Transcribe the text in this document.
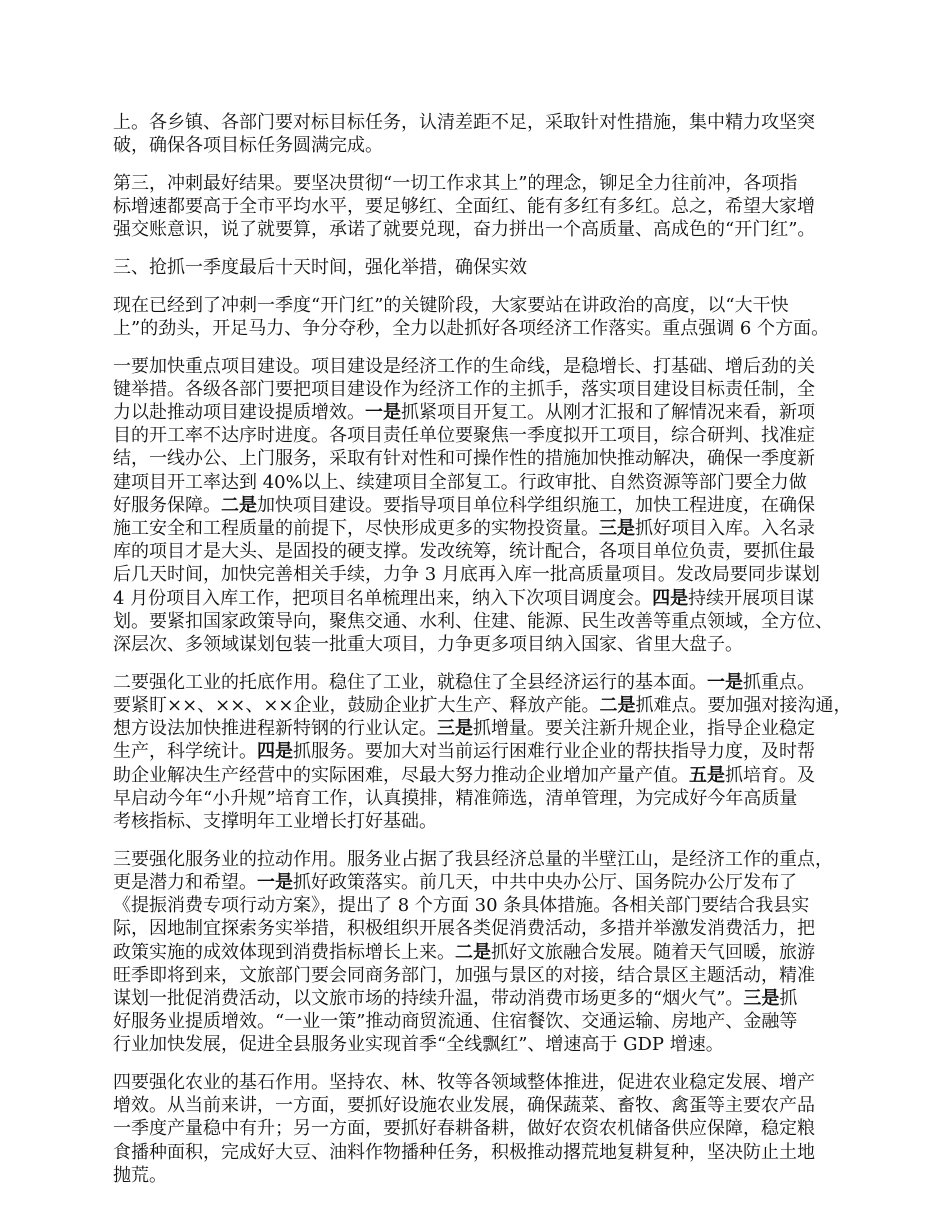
上。各乡镇、各部门要对标目标任务，认清差距不足，采取针对性措施，集中精力攻坚突
破，确保各项目标任务圆满完成。

第三，冲刺最好结果。要坚决贯彻“一切工作求其上”的理念，铆足全力往前冲，各项指
标增速都要高于全市平均水平，要足够红、全面红、能有多红有多红。总之，希望大家增
强交账意识，说了就要算，承诺了就要兑现，奋力拼出一个高质量、高成色的“开门红”。

三、抢抓一季度最后十天时间，强化举措，确保实效

现在已经到了冲刺一季度“开门红”的关键阶段，大家要站在讲政治的高度，以“大干快
上”的劲头，开足马力、争分夺秒，全力以赴抓好各项经济工作落实。重点强调 6 个方面。

一要加快重点项目建设。项目建设是经济工作的生命线，是稳增长、打基础、增后劲的关
键举措。各级各部门要把项目建设作为经济工作的主抓手，落实项目建设目标责任制，全
力以赴推动项目建设提质增效。一是抓紧项目开复工。从刚才汇报和了解情况来看，新项
目的开工率不达序时进度。各项目责任单位要聚焦一季度拟开工项目，综合研判、找准症
结，一线办公、上门服务，采取有针对性和可操作性的措施加快推动解决，确保一季度新
建项目开工率达到 40%以上、续建项目全部复工。行政审批、自然资源等部门要全力做
好服务保障。二是加快项目建设。要指导项目单位科学组织施工，加快工程进度，在确保
施工安全和工程质量的前提下，尽快形成更多的实物投资量。三是抓好项目入库。入名录
库的项目才是大头、是固投的硬支撑。发改统筹，统计配合，各项目单位负责，要抓住最
后几天时间，加快完善相关手续，力争 3 月底再入库一批高质量项目。发改局要同步谋划
4 月份项目入库工作，把项目名单梳理出来，纳入下次项目调度会。四是持续开展项目谋
划。要紧扣国家政策导向，聚焦交通、水利、住建、能源、民生改善等重点领域，全方位、
深层次、多领域谋划包装一批重大项目，力争更多项目纳入国家、省里大盘子。

二要强化工业的托底作用。稳住了工业，就稳住了全县经济运行的基本面。一是抓重点。
要紧盯××、××、××企业，鼓励企业扩大生产、释放产能。二是抓难点。要加强对接沟通，
想方设法加快推进程新特钢的行业认定。三是抓增量。要关注新升规企业，指导企业稳定
生产，科学统计。四是抓服务。要加大对当前运行困难行业企业的帮扶指导力度，及时帮
助企业解决生产经营中的实际困难，尽最大努力推动企业增加产量产值。五是抓培育。及
早启动今年“小升规”培育工作，认真摸排，精准筛选，清单管理，为完成好今年高质量
考核指标、支撑明年工业增长打好基础。

三要强化服务业的拉动作用。服务业占据了我县经济总量的半壁江山，是经济工作的重点，
更是潜力和希望。一是抓好政策落实。前几天，中共中央办公厅、国务院办公厅发布了
《提振消费专项行动方案》，提出了 8 个方面 30 条具体措施。各相关部门要结合我县实
际，因地制宜探索务实举措，积极组织开展各类促消费活动，多措并举激发消费活力，把
政策实施的成效体现到消费指标增长上来。二是抓好文旅融合发展。随着天气回暖，旅游
旺季即将到来，文旅部门要会同商务部门，加强与景区的对接，结合景区主题活动，精准
谋划一批促消费活动，以文旅市场的持续升温，带动消费市场更多的“烟火气”。三是抓
好服务业提质增效。“一业一策”推动商贸流通、住宿餐饮、交通运输、房地产、金融等
行业加快发展，促进全县服务业实现首季“全线飘红”、增速高于 GDP 增速。

四要强化农业的基石作用。坚持农、林、牧等各领域整体推进，促进农业稳定发展、增产
增效。从当前来讲，一方面，要抓好设施农业发展，确保蔬菜、畜牧、禽蛋等主要农产品
一季度产量稳中有升；另一方面，要抓好春耕备耕，做好农资农机储备供应保障，稳定粮
食播种面积，完成好大豆、油料作物播种任务，积极推动撂荒地复耕复种，坚决防止土地
抛荒。
